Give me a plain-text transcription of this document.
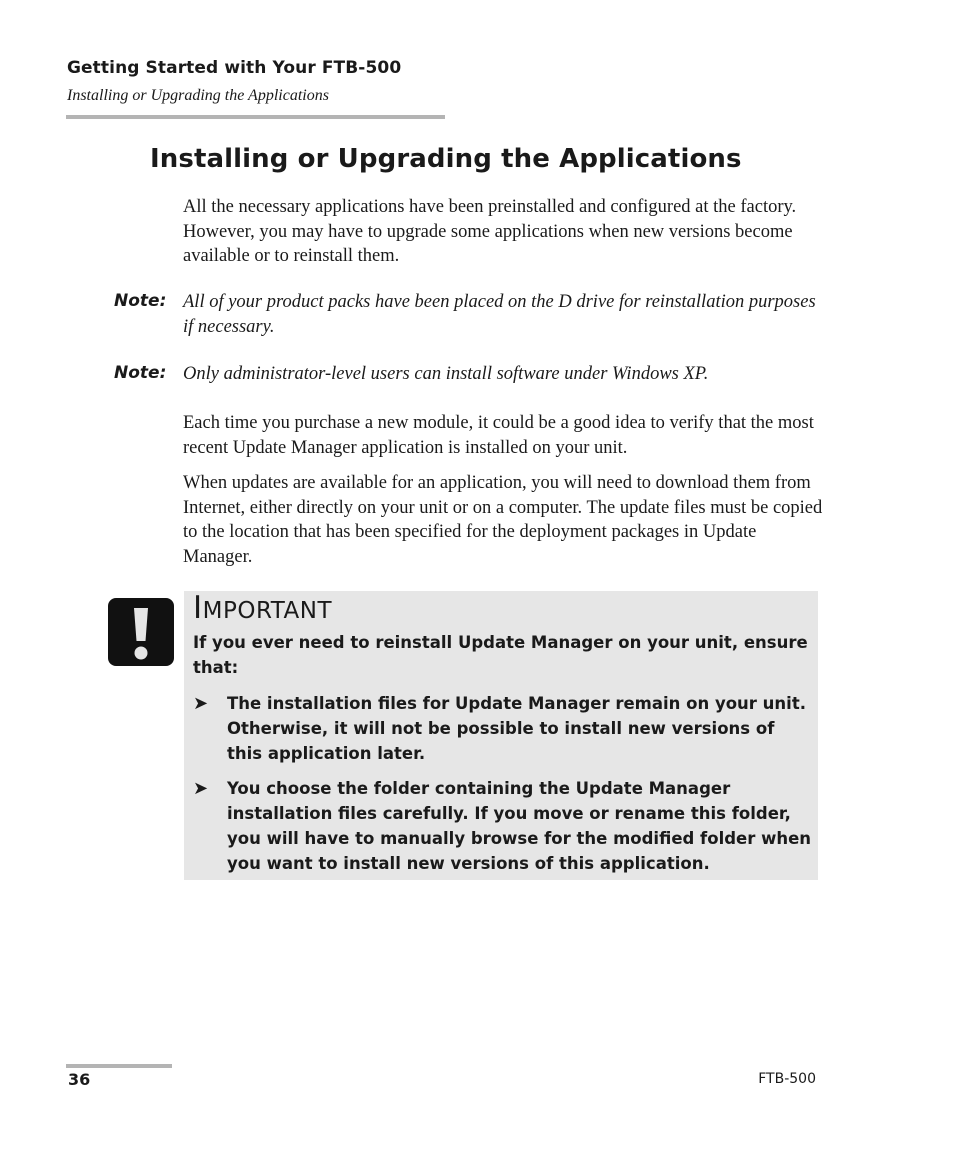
Getting Started with Your FTB-500
Installing or Upgrading the Applications
Installing or Upgrading the Applications

All the necessary applications have been preinstalled and configured at the factory. However, you may have to upgrade some applications when new versions become available or to reinstall them.

Note: All of your product packs have been placed on the D drive for reinstallation purposes if necessary.

Note: Only administrator-level users can install software under Windows XP.

Each time you purchase a new module, it could be a good idea to verify that the most recent Update Manager application is installed on your unit.

When updates are available for an application, you will need to download them from Internet, either directly on your unit or on a computer. The update files must be copied to the location that has been specified for the deployment packages in Update Manager.

IMPORTANT

If you ever need to reinstall Update Manager on your unit, ensure that:

➤ The installation files for Update Manager remain on your unit. Otherwise, it will not be possible to install new versions of this application later.

➤ You choose the folder containing the Update Manager installation files carefully. If you move or rename this folder, you will have to manually browse for the modified folder when you want to install new versions of this application.

36	FTB-500
